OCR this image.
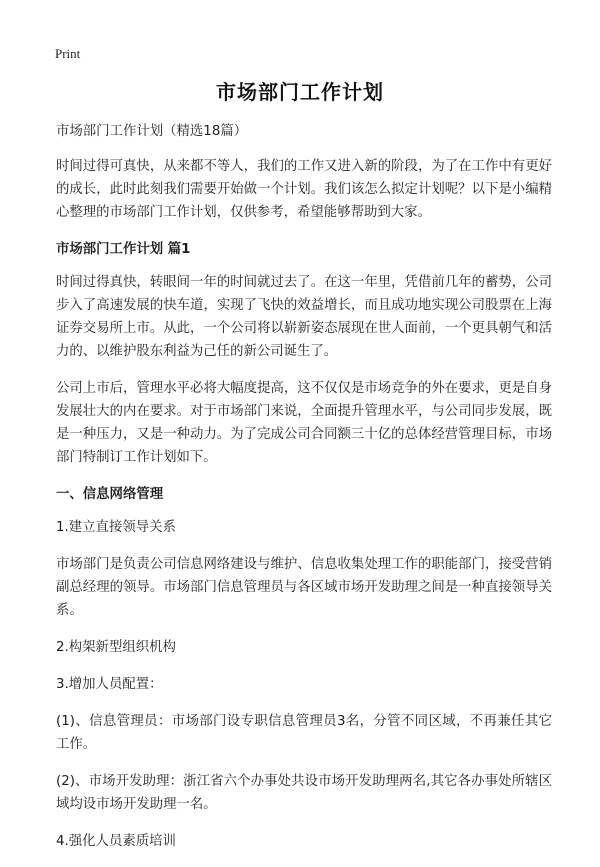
Print
市场部门工作计划

市场部门工作计划（精选18篇）

时间过得可真快，从来都不等人，我们的工作又进入新的阶段，为了在工作中有更好的成长，此时此刻我们需要开始做一个计划。我们该怎么拟定计划呢？以下是小编精心整理的市场部门工作计划，仅供参考，希望能够帮助到大家。

市场部门工作计划 篇1

时间过得真快，转眼间一年的时间就过去了。在这一年里，凭借前几年的蓄势，公司步入了高速发展的快车道，实现了飞快的效益增长，而且成功地实现公司股票在上海证券交易所上市。从此，一个公司将以崭新姿态展现在世人面前，一个更具朝气和活力的、以维护股东利益为己任的新公司诞生了。

公司上市后，管理水平必将大幅度提高，这不仅仅是市场竞争的外在要求，更是自身发展壮大的内在要求。对于市场部门来说，全面提升管理水平，与公司同步发展，既是一种压力，又是一种动力。为了完成公司合同额三十亿的总体经营管理目标，市场部门特制订工作计划如下。

一、信息网络管理

1.建立直接领导关系

市场部门是负责公司信息网络建设与维护、信息收集处理工作的职能部门，接受营销副总经理的领导。市场部门信息管理员与各区域市场开发助理之间是一种直接领导关系。

2.构架新型组织机构

3.增加人员配置：

(1)、信息管理员：市场部门设专职信息管理员3名，分管不同区域，不再兼任其它工作。

(2)、市场开发助理：浙江省六个办事处共设市场开发助理两名,其它各办事处所辖区域均设市场开发助理一名。

4.强化人员素质培训
